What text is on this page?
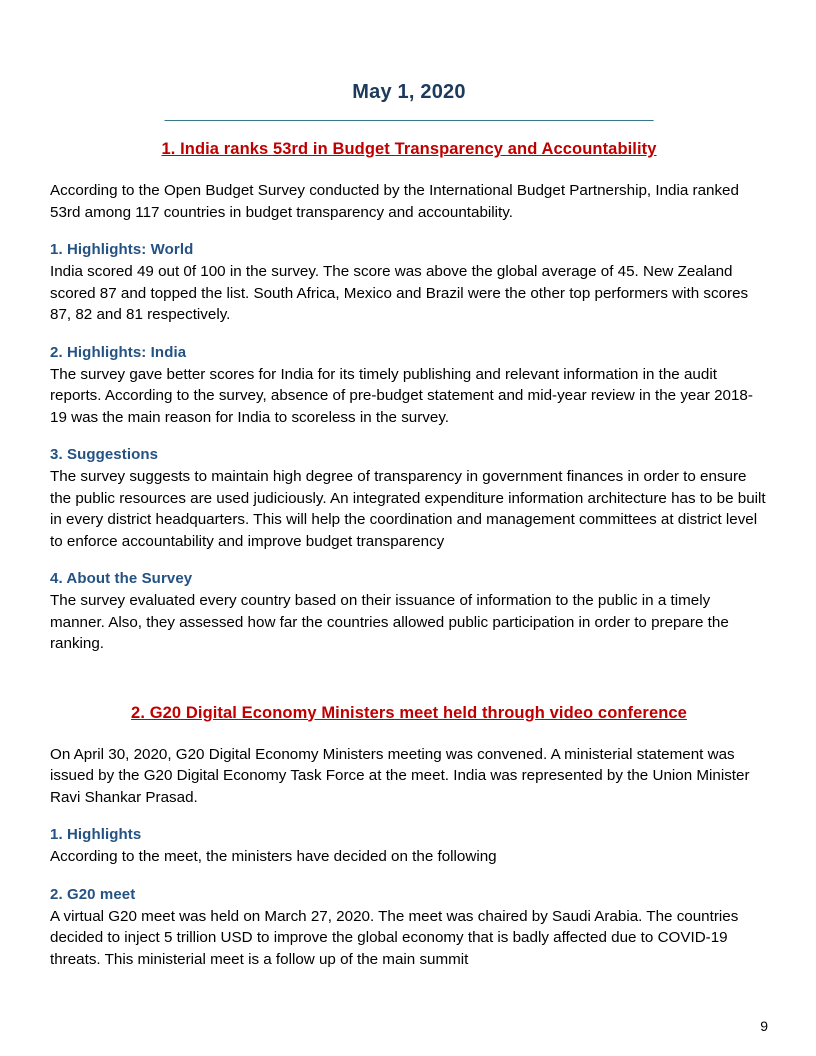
May 1, 2020
____________________________________________________________
1. India ranks 53rd in Budget Transparency and Accountability

According to the Open Budget Survey conducted by the International Budget Partnership, India ranked 53rd among 117 countries in budget transparency and accountability.

1. Highlights: World

India scored 49 out 0f 100 in the survey. The score was above the global average of 45. New Zealand scored 87 and topped the list. South Africa, Mexico and Brazil were the other top performers with scores 87, 82 and 81 respectively.

2. Highlights: India

The survey gave better scores for India for its timely publishing and relevant information in the audit reports. According to the survey, absence of pre-budget statement and mid-year review in the year 2018-19 was the main reason for India to scoreless in the survey.

3. Suggestions

The survey suggests to maintain high degree of transparency in government finances in order to ensure the public resources are used judiciously. An integrated expenditure information architecture has to be built in every district headquarters. This will help the coordination and management committees at district level to enforce accountability and improve budget transparency

4. About the Survey

The survey evaluated every country based on their issuance of information to the public in a timely manner. Also, they assessed how far the countries allowed public participation in order to prepare the ranking.

2. G20 Digital Economy Ministers meet held through video conference

On April 30, 2020, G20 Digital Economy Ministers meeting was convened. A ministerial statement was issued by the G20 Digital Economy Task Force at the meet. India was represented by the Union Minister Ravi Shankar Prasad.

1. Highlights

According to the meet, the ministers have decided on the following

2. G20 meet

A virtual G20 meet was held on March 27, 2020. The meet was chaired by Saudi Arabia. The countries decided to inject 5 trillion USD to improve the global economy that is badly affected due to COVID-19 threats. This ministerial meet is a follow up of the main summit

9
